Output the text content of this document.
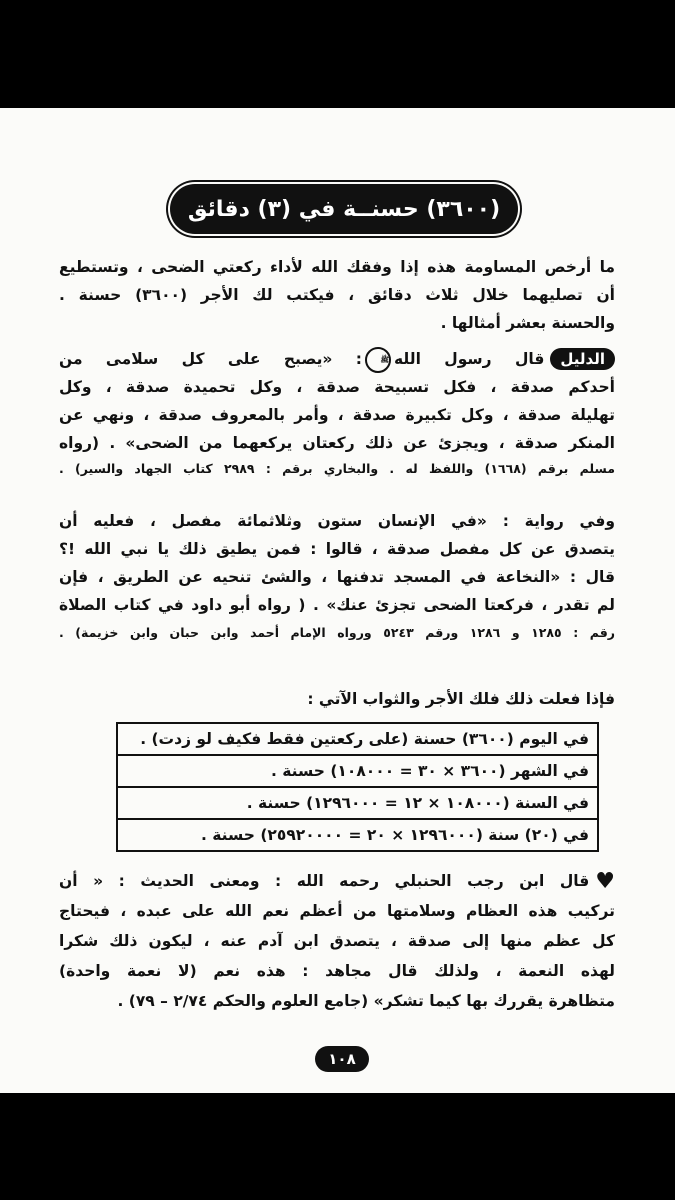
(٣٦٠٠) حسنــة في (٣) دقائق
ما أرخص المساومة هذه إذا وفقك الله لأداء ركعتي الضحى ، وتستطيع
أن تصليهما خلال ثلاث دقائق ، فيكتب لك الأجر (٣٦٠٠) حسنة .
والحسنة بعشر أمثالها .
الدليلقال رسول اللهﷺ: «يصبح على كل سلامى من
أحدكم صدقة ، فكل تسبيحة صدقة ، وكل تحميدة صدقة ، وكل
تهليلة صدقة ، وكل تكبيرة صدقة ، وأمر بالمعروف صدقة ، ونهي عن
المنكر صدقة ، ويجزئ عن ذلك ركعتان يركعهما من الضحى» . (رواه
مسلم برقم (١٦٦٨) واللفظ له . والبخاري برقم : ٢٩٨٩ كتاب الجهاد والسير) .
وفي رواية : «في الإنسان ستون وثلاثمائة مفصل ، فعليه أن
يتصدق عن كل مفصل صدقة ، قالوا : فمن يطيق ذلك يا نبي الله !؟
قال : «النخاعة في المسجد تدفنها ، والشئ تنحيه عن الطريق ، فإن
لم تقدر ، فركعتا الضحى تجزئ عنك» . ( رواه أبو داود في كتاب الصلاة
رقم : ١٢٨٥ و ١٢٨٦ ورقم ٥٢٤٣ ورواه الإمام أحمد وابن حبان وابن خزيمة) .
فإذا فعلت ذلك فلك الأجر والثواب الآتي :
في اليوم (٣٦٠٠) حسنة (على ركعتين فقط فكيف لو زدت) .
في الشهر (٣٦٠٠ × ٣٠ = ١٠٨٠٠٠) حسنة .
في السنة (١٠٨٠٠٠ × ١٢ = ١٢٩٦٠٠٠) حسنة .
في (٢٠) سنة (١٢٩٦٠٠٠ × ٢٠ = ٢٥٩٢٠٠٠٠) حسنة .
♥قال ابن رجب الحنبلي رحمه الله : ومعنى الحديث : « أن
تركيب هذه العظام وسلامتها من أعظم نعم الله على عبده ، فيحتاج
كل عظم منها إلى صدقة ، يتصدق ابن آدم عنه ، ليكون ذلك شكرا
لهذه النعمة ، ولذلك قال مجاهد : هذه نعم (لا نعمة واحدة)
متظاهرة يقررك بها كيما تشكر» (جامع العلوم والحكم ٢/٧٤ – ٧٩) .
١٠٨
